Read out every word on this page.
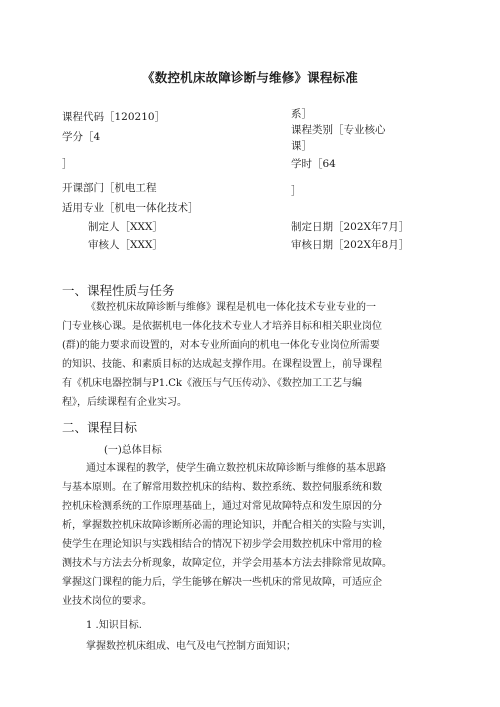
《数控机床故障诊断与维修》课程标准
课程代码［120210］
学分［4
］
开课部门［机电工程
适用专业［机电一体化技术］
制定人［XXX］
审核人［XXX］
系］
课程类别［专业核心
课］
学时［64
］
制定日期［202X年7月］
审核日期［202X年8月］
一、课程性质与任务
《数控机床故障诊断与维修》课程是机电一体化技术专业专业的一
门专业核心课。是依据机电一体化技术专业人才培养目标和相关职业岗位
(群)的能力要求而设置的，对本专业所面向的机电一体化专业岗位所需要
的知识、技能、和素质目标的达成起支撑作用。在课程设置上，前导课程
有《机床电器控制与P1.Ck《液压与气压传动》、《数控加工工艺与编
程》，后续课程有企业实习。
二、课程目标
(一)总体目标
通过本课程的教学，使学生确立数控机床故障诊断与维修的基本思路
与基本原则。在了解常用数控机床的结构、数控系统、数控伺服系统和数
控机床检测系统的工作原理基础上，通过对常见故障特点和发生原因的分
析，掌握数控机床故障诊断所必需的理论知识，并配合相关的实险与实训，
使学生在理论知识与实践相结合的情况下初步学会用数控机床中常用的检
测技术与方法去分析现象，故障定位，并学会用基本方法去排除常见故障。
掌握这门课程的能力后，学生能够在解决一些机床的常见故障，可适应企
业技术岗位的要求。
1 .知识目标.
掌握数控机床组成、电气及电气控制方面知识；
